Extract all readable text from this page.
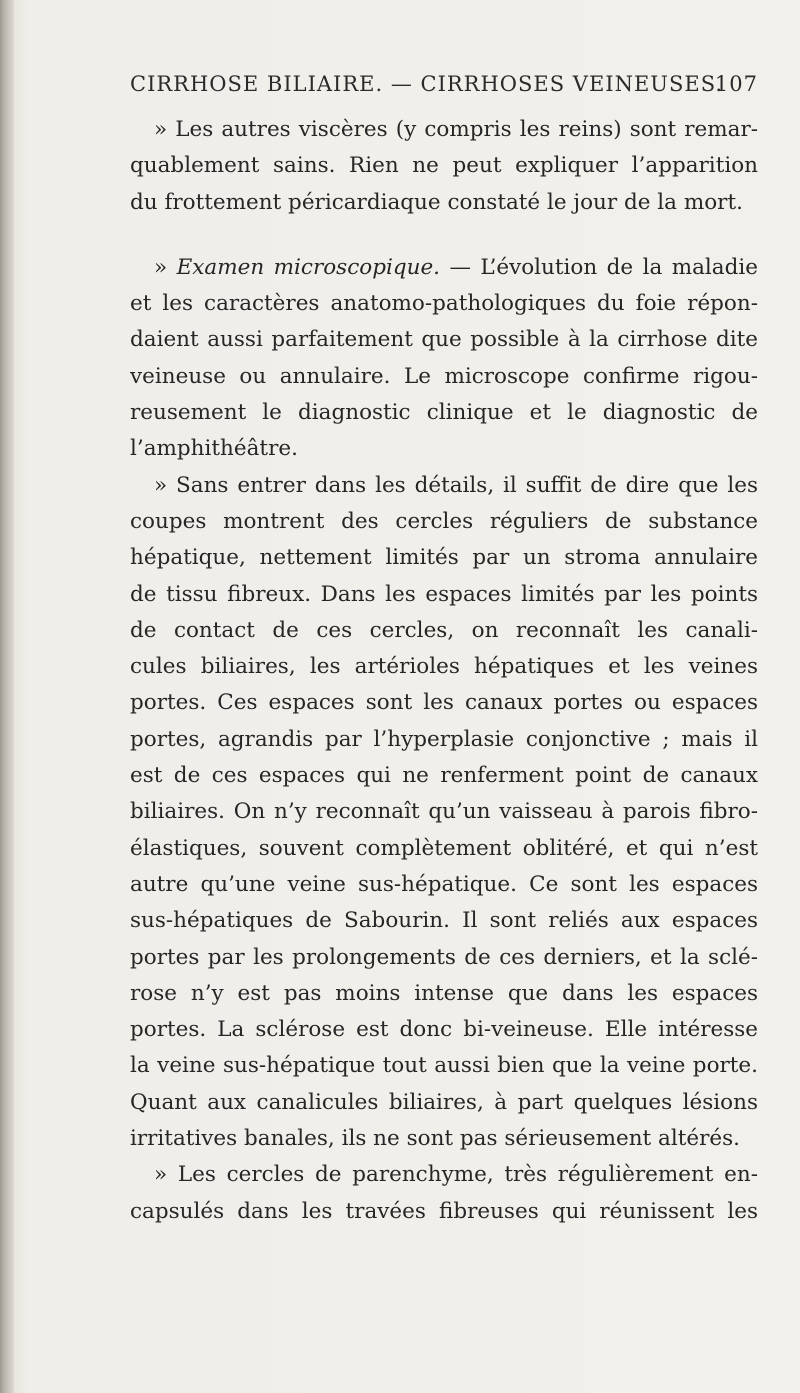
CIRRHOSE BILIAIRE. — CIRRHOSES VEINEUSES.
107
» Les autres viscères (y compris les reins) sont remar-
quablement sains. Rien ne peut expliquer l’apparition
du frottement péricardiaque constaté le jour de la mort.
» Examen microscopique. — L’évolution de la maladie
et les caractères anatomo-pathologiques du foie répon-
daient aussi parfaitement que possible à la cirrhose dite
veineuse ou annulaire. Le microscope confirme rigou-
reusement le diagnostic clinique et le diagnostic de
l’amphithéâtre.
» Sans entrer dans les détails, il suffit de dire que les
coupes montrent des cercles réguliers de substance
hépatique, nettement limités par un stroma annulaire
de tissu fibreux. Dans les espaces limités par les points
de contact de ces cercles, on reconnaît les canali-
cules biliaires, les artérioles hépatiques et les veines
portes. Ces espaces sont les canaux portes ou espaces
portes, agrandis par l’hyperplasie conjonctive ; mais il
est de ces espaces qui ne renferment point de canaux
biliaires. On n’y reconnaît qu’un vaisseau à parois fibro-
élastiques, souvent complètement oblitéré, et qui n’est
autre qu’une veine sus-hépatique. Ce sont les espaces
sus-hépatiques de Sabourin. Il sont reliés aux espaces
portes par les prolongements de ces derniers, et la sclé-
rose n’y est pas moins intense que dans les espaces
portes. La sclérose est donc bi-veineuse. Elle intéresse
la veine sus-hépatique tout aussi bien que la veine porte.
Quant aux canalicules biliaires, à part quelques lésions
irritatives banales, ils ne sont pas sérieusement altérés.
» Les cercles de parenchyme, très régulièrement en-
capsulés dans les travées fibreuses qui réunissent les
